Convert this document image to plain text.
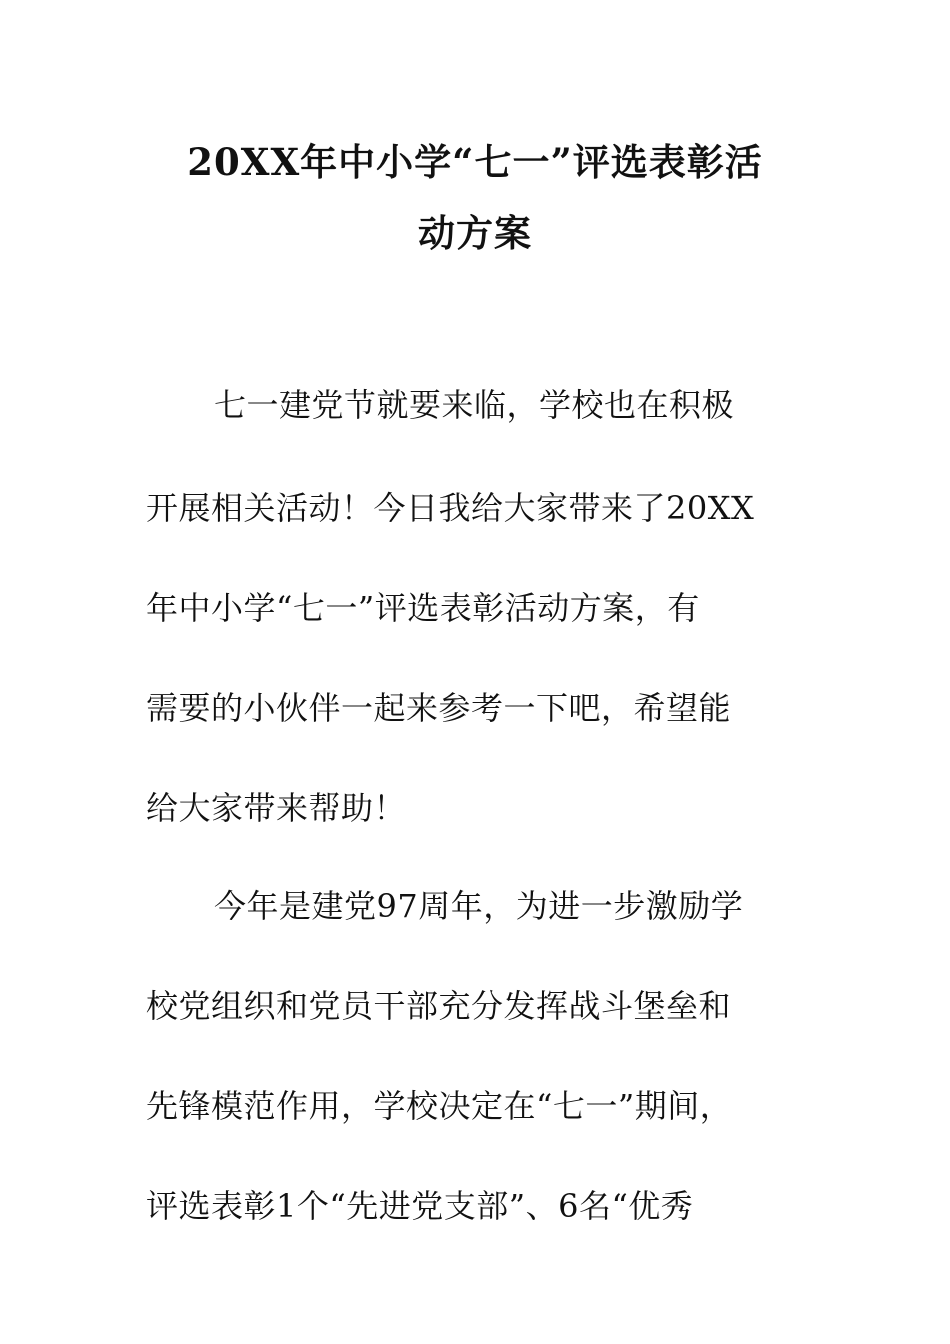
20XX年中小学“七一”评选表彰活
动方案
七一建党节就要来临，学校也在积极
开展相关活动！今日我给大家带来了20XX
年中小学“七一”评选表彰活动方案，有
需要的小伙伴一起来参考一下吧，希望能
给大家带来帮助！
今年是建党97周年，为进一步激励学
校党组织和党员干部充分发挥战斗堡垒和
先锋模范作用，学校决定在“七一”期间，
评选表彰1个“先进党支部”、6名“优秀
